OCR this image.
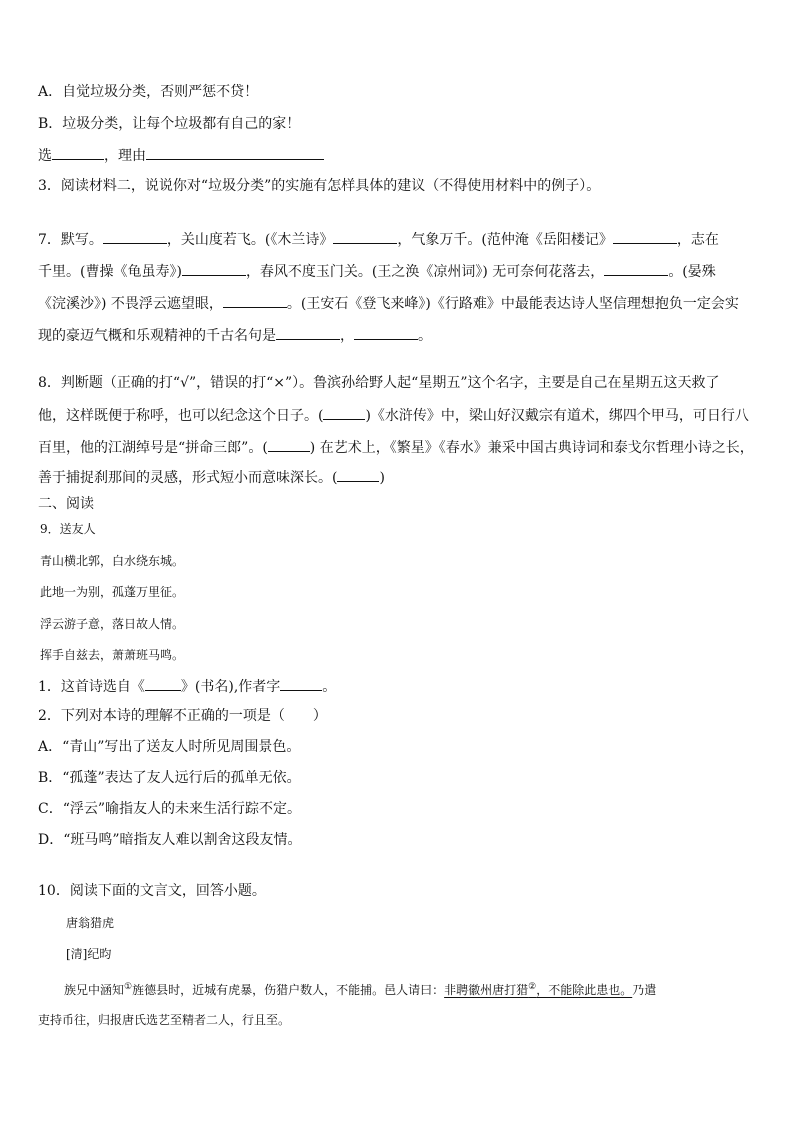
A．自觉垃圾分类，否则严惩不贷！
B．垃圾分类，让每个垃圾都有自己的家！
选	，理由
3．阅读材料二，说说你对“垃圾分类”的实施有怎样具体的建议（不得使用材料中的例子）。
7．默写。	，关山度若飞。(《木兰诗》	，气象万千。(范仲淹《岳阳楼记》	，志在
千里。(曹操《龟虽寿》)	，春风不度玉门关。(王之涣《凉州词》) 无可奈何花落去，	。(晏殊
《浣溪沙》) 不畏浮云遮望眼，	。(王安石《登飞来峰》)《行路难》中最能表达诗人坚信理想抱负一定会实
现的豪迈气概和乐观精神的千古名句是	，	。
8．判断题（正确的打“√”，错误的打“×”）。鲁滨孙给野人起“星期五”这个名字，主要是自己在星期五这天救了
他，这样既便于称呼，也可以纪念这个日子。(	)《水浒传》中，梁山好汉戴宗有道术，绑四个甲马，可日行八
百里，他的江湖绰号是“拼命三郎”。(	) 在艺术上，《繁星》《春水》兼采中国古典诗词和泰戈尔哲理小诗之长，
善于捕捉刹那间的灵感，形式短小而意味深长。(	)
二、阅读
9．送友人
青山横北郭，白水绕东城。
此地一为别，孤蓬万里征。
浮云游子意，落日故人情。
挥手自兹去，萧萧班马鸣。
1．这首诗选自《	》(书名),作者字	。
2．下列对本诗的理解不正确的一项是（　　）
A．“青山”写出了送友人时所见周围景色。
B．“孤蓬”表达了友人远行后的孤单无依。
C．“浮云”喻指友人的未来生活行踪不定。
D．“班马鸣”暗指友人难以割舍这段友情。
10．阅读下面的文言文，回答小题。
唐翁猎虎
[清]纪昀
族兄中涵知①旌德县时，近城有虎暴，伤猎户数人，不能捕。邑人请曰：非聘徽州唐打猎②，不能除此患也。乃遣
吏持币往，归报唐氏选艺至精者二人，行且至。
